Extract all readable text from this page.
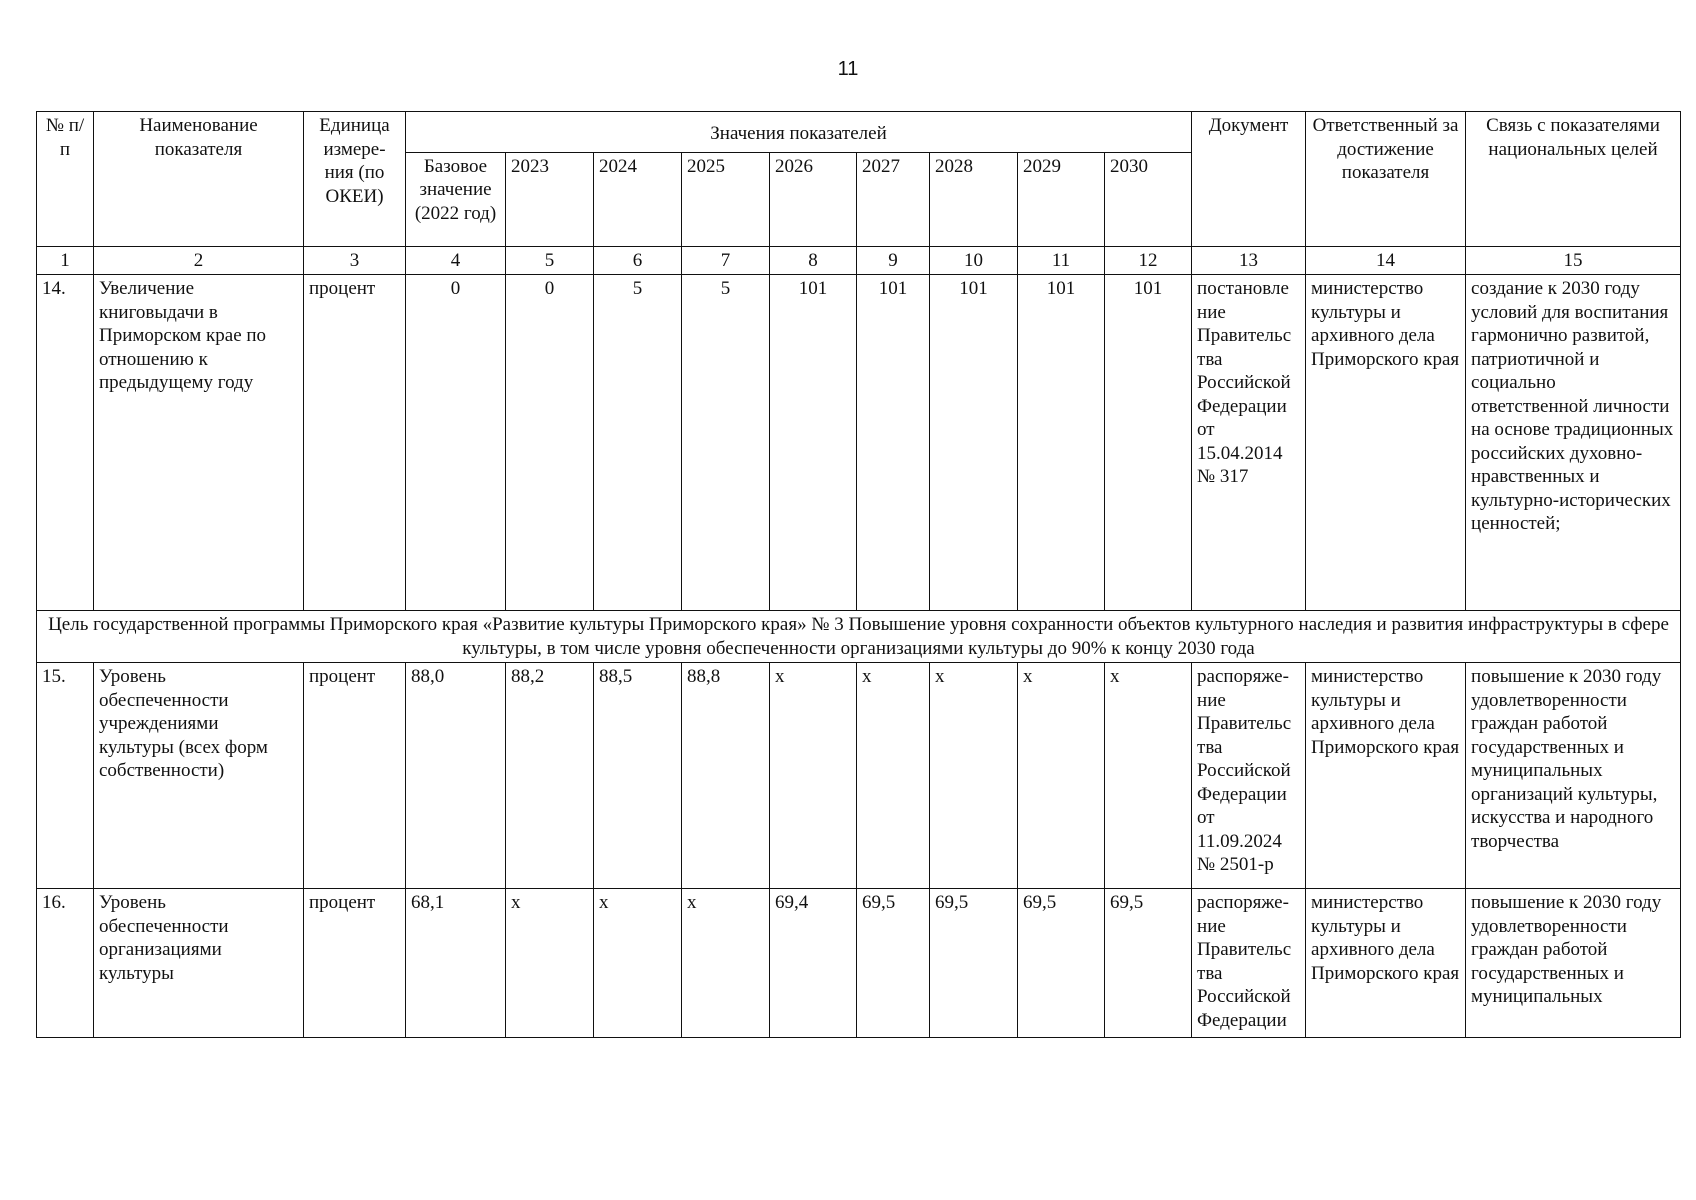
11
№ п/п	Наименование показателя	Единица измере-ния (по ОКЕИ)	Значения показателей									Документ	Ответственный за достижение показателя	Связь с показателями национальных целей
			Базовое значение (2022 год)	2023	2024	2025	2026	2027	2028	2029	2030			
1	2	3	4	5	6	7	8	9	10	11	12	13	14	15
14.	Увеличение книговыдачи в Приморском крае по отношению к предыдущему году	процент	0	0	5	5	101	101	101	101	101	постановле ние Правительс тва Российской Федерации от 15.04.2014 № 317	министерство культуры и архивного дела Приморского края	создание к 2030 году условий для воспитания гармонично развитой, патриотичной и социально ответственной личности на основе традиционных российских духовно-нравственных и культурно-исторических ценностей;
Цель государственной программы Приморского края «Развитие культуры Приморского края» № 3 Повышение уровня сохранности объектов культурного наследия и развития инфраструктуры в сфере культуры, в том числе уровня обеспеченности организациями культуры до 90% к концу 2030 года														
15.	Уровень обеспеченности учреждениями культуры (всех форм собственности)	процент	88,0	88,2	88,5	88,8	х	х	х	х	х	распоряже-ние Правительс тва Российской Федерации от 11.09.2024 № 2501-р	министерство культуры и архивного дела Приморского края	повышение к 2030 году удовлетворенности граждан работой государственных и муниципальных организаций культуры, искусства и народного творчества
16.	Уровень обеспеченности организациями культуры	процент	68,1	х	х	х	69,4	69,5	69,5	69,5	69,5	распоряже-ние Правительс тва Российской Федерации	министерство культуры и архивного дела Приморского края	повышение к 2030 году удовлетворенности граждан работой государственных и муниципальных
